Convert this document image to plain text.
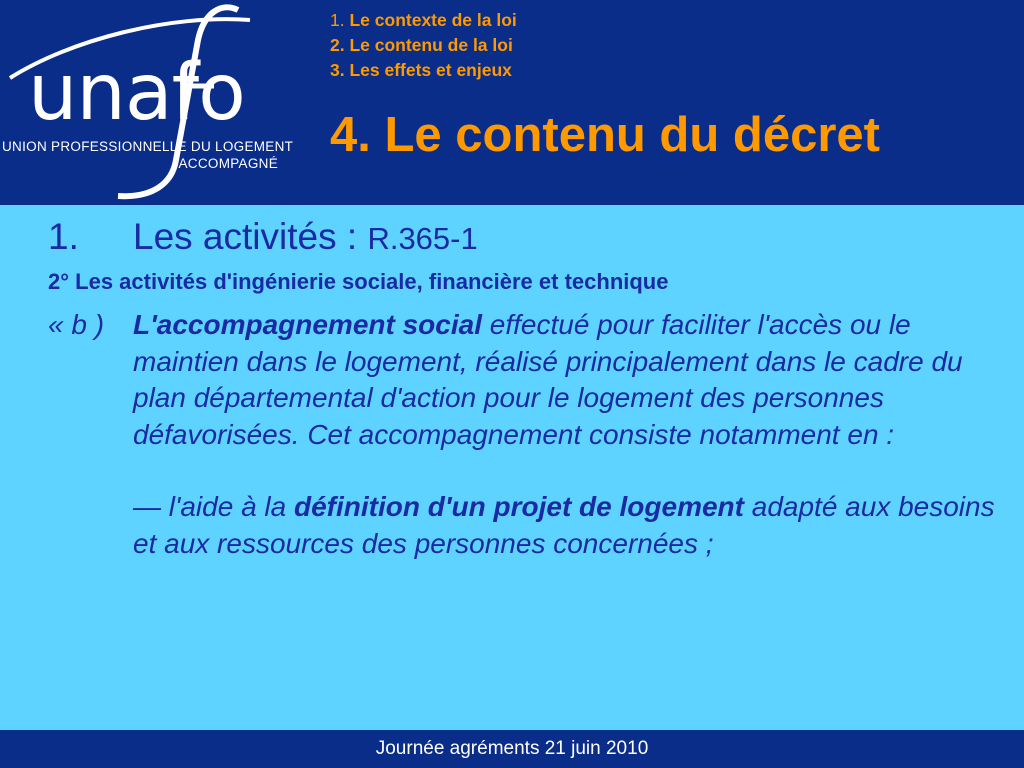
unafo
UNION PROFESSIONNELLE DU LOGEMENT
ACCOMPAGNÉ
1. Le contexte de la loi
2. Le contenu de la loi
3. Les effets et enjeux
4. Le contenu du décret
1. Les activités : R.365-1
2° Les activités d'ingénierie sociale, financière et technique
« b ) L'accompagnement social effectué pour faciliter l'accès ou le maintien dans le logement, réalisé principalement dans le cadre du plan départemental d'action pour le logement des personnes défavorisées. Cet accompagnement consiste notamment en :

— l'aide à la définition d'un projet de logement adapté aux besoins et aux ressources des personnes concernées ;

Journée agréments 21 juin 2010
